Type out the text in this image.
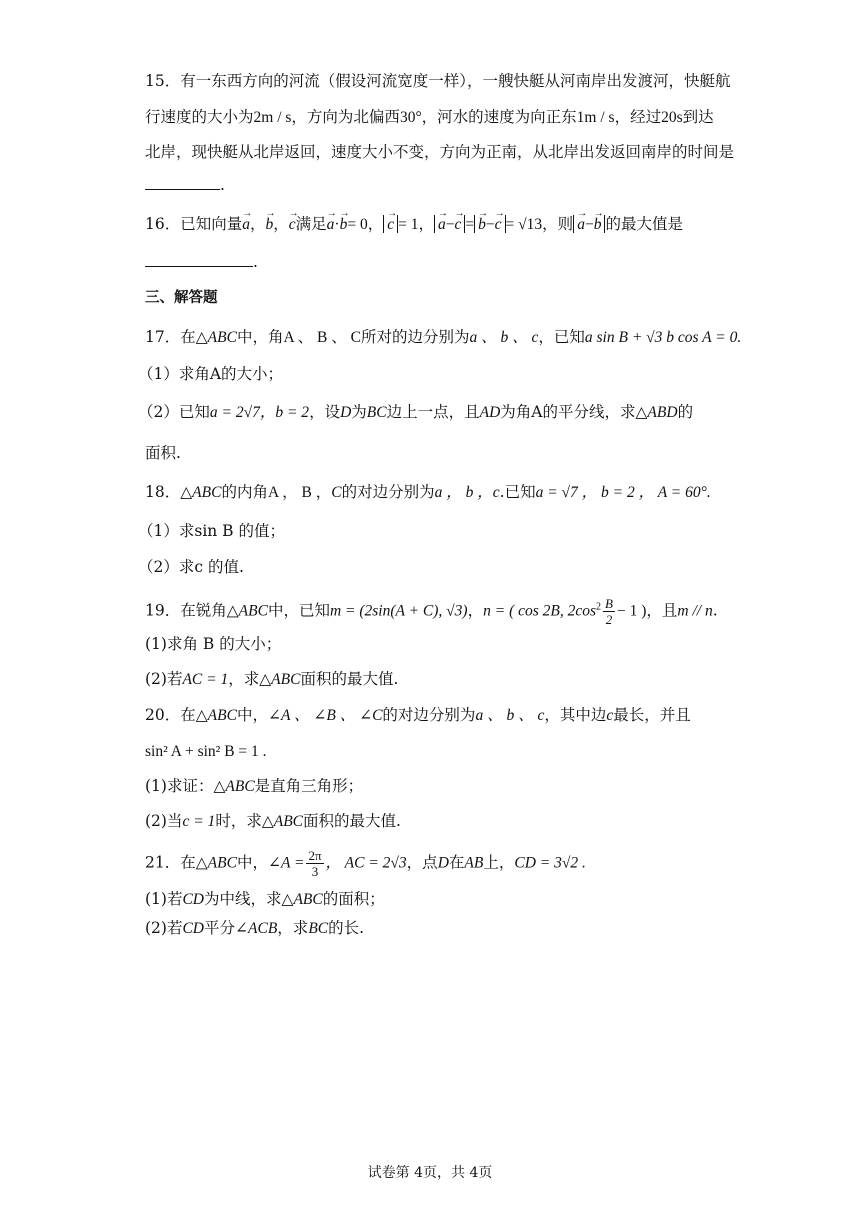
15．有一东西方向的河流（假设河流宽度一样），一艘快艇从河南岸出发渡河，快艇航
行速度的大小为2m / s，方向为北偏西30°，河水的速度为向正东1m / s，经过20s到达
北岸，现快艇从北岸返回，速度大小不变，方向为正南，从北岸出发返回南岸的时间是
.
16．已知向量→ a，→ b，→ c满足→ a·→ b= 0， → c = 1， → a−→ c = → b−→ c = √13，则 → a−→ b 的最大值是
.
三、解答题
17．在△ABC中，角A 、 B 、 C所对的边分别为a 、 b 、 c，已知a sin B + √3 b cos A = 0.
（1）求角A的大小；
（2）已知a = 2√7，b = 2，设D为BC边上一点，且AD为角A的平分线，求△ABD的
面积.
18．△ABC的内角A ， B ，C的对边分别为a ， b ，c.已知a = √7 ， b = 2 ， A = 60°.
（1）求sin B 的值；
（2）求c 的值.
19．在锐角△ABC中，已知m = (2sin(A + C), √3)，n = ( cos 2B, $2\cos^2 \frac{B}{2} - 1$ )，且m // n.
(1)求角 B 的大小；
(2)若AC = 1，求△ABC面积的最大值.
20．在△ABC中，∠A 、 ∠B 、 ∠C的对边分别为a 、 b 、 c，其中边c最长，并且
sin² A + sin² B = 1 .
(1)求证：△ABC是直角三角形；
(2)当c = 1时，求△ABC面积的最大值.
21．在△ABC中，∠A = $\frac{2\pi}{3}$ ， AC = 2√3，点D在AB上，CD = 3√2 .
(1)若CD为中线，求△ABC的面积；
(2)若CD平分∠ACB，求BC的长.
试卷第 4页，共 4页
